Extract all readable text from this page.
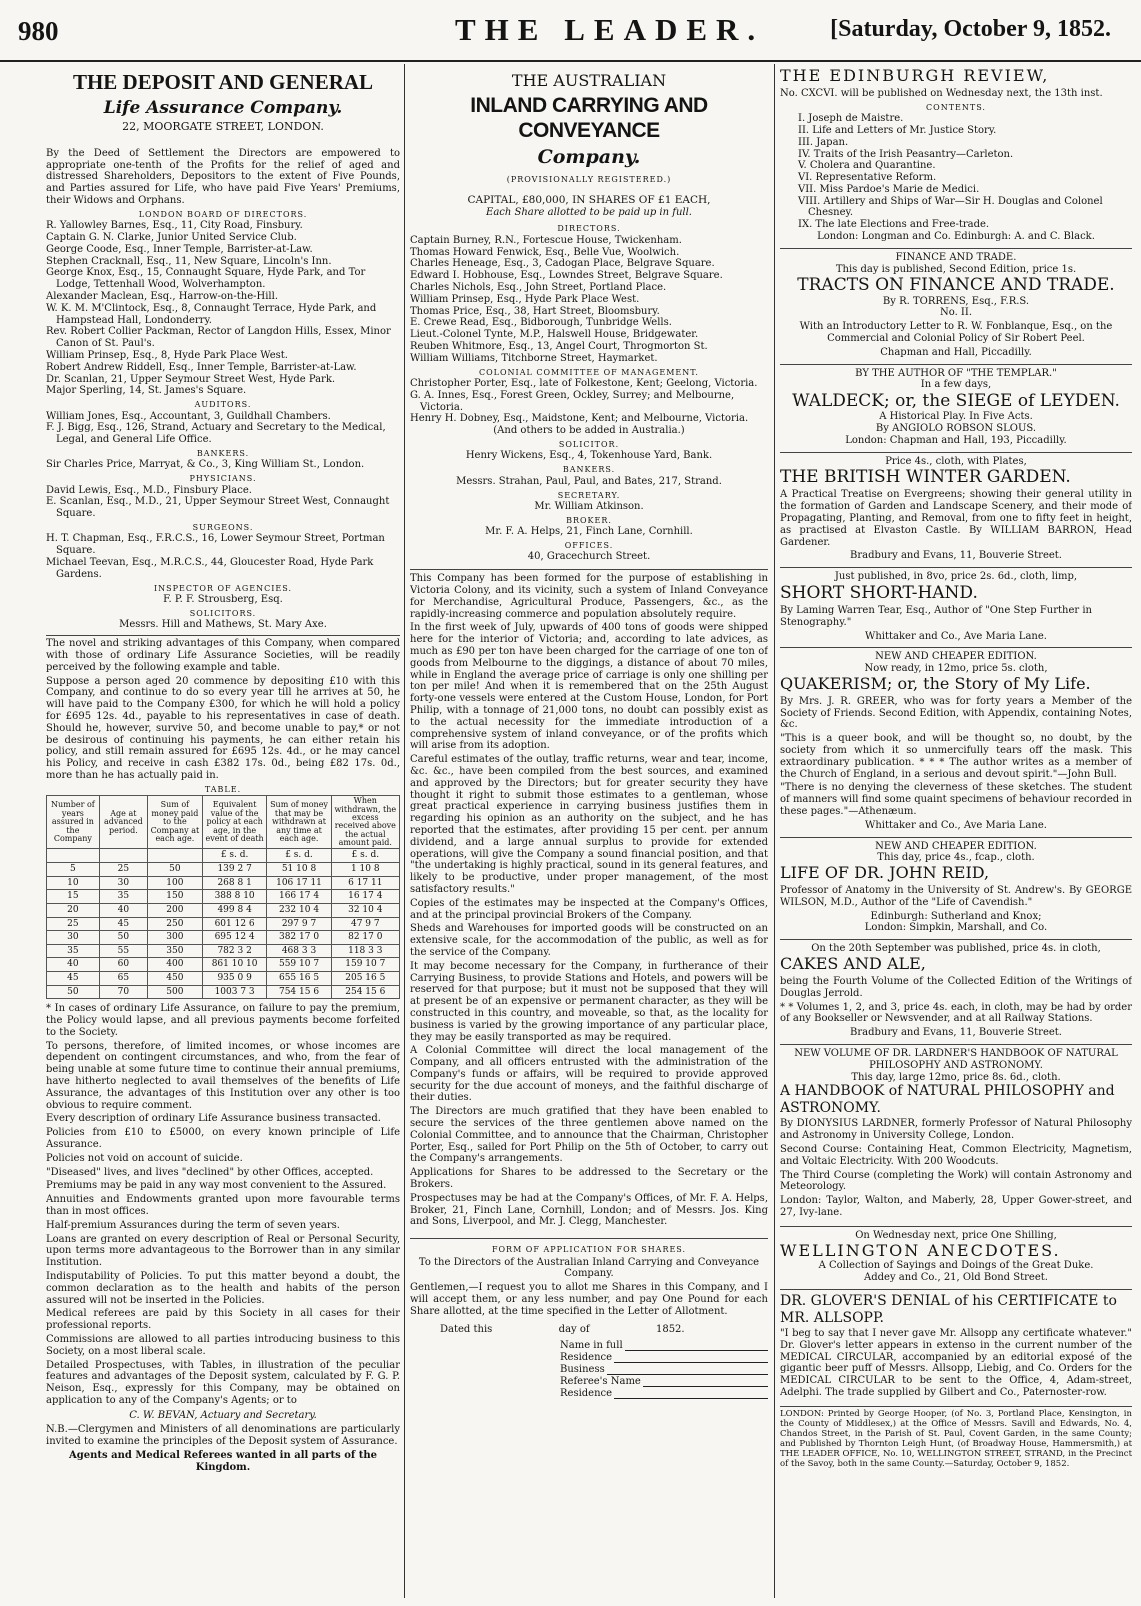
980	THE LEADER.	[Saturday, October 9, 1852.
THE DEPOSIT AND GENERAL
Life Assurance Company.
22, MOORGATE STREET, LONDON.

By the Deed of Settlement the Directors are empowered to appropriate one-tenth of the Profits for the relief of aged and distressed Shareholders, Depositors to the extent of Five Pounds, and Parties assured for Life, who have paid Five Years' Premiums, their Widows and Orphans.

LONDON BOARD OF DIRECTORS.

R. Yallowley Barnes, Esq., 11, City Road, Finsbury.

Captain G. N. Clarke, Junior United Service Club.

George Coode, Esq., Inner Temple, Barrister-at-Law.

Stephen Cracknall, Esq., 11, New Square, Lincoln's Inn.

George Knox, Esq., 15, Connaught Square, Hyde Park, and Tor Lodge, Tettenhall Wood, Wolverhampton.

Alexander Maclean, Esq., Harrow-on-the-Hill.

W. K. M. M'Clintock, Esq., 8, Connaught Terrace, Hyde Park, and Hampstead Hall, Londonderry.

Rev. Robert Collier Packman, Rector of Langdon Hills, Essex, Minor Canon of St. Paul's.

William Prinsep, Esq., 8, Hyde Park Place West.

Robert Andrew Riddell, Esq., Inner Temple, Barrister-at-Law.

Dr. Scanlan, 21, Upper Seymour Street West, Hyde Park.

Major Sperling, 14, St. James's Square.

AUDITORS.

William Jones, Esq., Accountant, 3, Guildhall Chambers.

F. J. Bigg, Esq., 126, Strand, Actuary and Secretary to the Medical, Legal, and General Life Office.

BANKERS.

Sir Charles Price, Marryat, & Co., 3, King William St., London.

PHYSICIANS.

David Lewis, Esq., M.D., Finsbury Place.

E. Scanlan, Esq., M.D., 21, Upper Seymour Street West, Connaught Square.

SURGEONS.

H. T. Chapman, Esq., F.R.C.S., 16, Lower Seymour Street, Portman Square.

Michael Teevan, Esq., M.R.C.S., 44, Gloucester Road, Hyde Park Gardens.

INSPECTOR OF AGENCIES.
F. P. F. Strousberg, Esq.
SOLICITORS.
Messrs. Hill and Mathews, St. Mary Axe.

The novel and striking advantages of this Company, when compared with those of ordinary Life Assurance Societies, will be readily perceived by the following example and table.

Suppose a person aged 20 commence by depositing £10 with this Company, and continue to do so every year till he arrives at 50, he will have paid to the Company £300, for which he will hold a policy for £695 12s. 4d., payable to his representatives in case of death. Should he, however, survive 50, and become unable to pay,* or not be desirous of continuing his payments, he can either retain his policy, and still remain assured for £695 12s. 4d., or he may cancel his Policy, and receive in cash £382 17s. 0d., being £82 17s. 0d., more than he has actually paid in.

TABLE.
Number of years assured in the Company	Age at advanced period.	Sum of money paid to the Company at each age.	Equivalent value of the policy at each age, in the event of death	Sum of money that may be withdrawn at any time at each age.	When withdrawn, the excess received above the actual amount paid.
			£ s. d.	£ s. d.	£ s. d.
5	25	50	139 2 7	51 10 8	1 10 8
10	30	100	268 8 1	106 17 11	6 17 11
15	35	150	388 8 10	166 17 4	16 17 4
20	40	200	499 8 4	232 10 4	32 10 4
25	45	250	601 12 6	297 9 7	47 9 7
30	50	300	695 12 4	382 17 0	82 17 0
35	55	350	782 3 2	468 3 3	118 3 3
40	60	400	861 10 10	559 10 7	159 10 7
45	65	450	935 0 9	655 16 5	205 16 5
50	70	500	1003 7 3	754 15 6	254 15 6

* In cases of ordinary Life Assurance, on failure to pay the premium, the Policy would lapse, and all previous payments become forfeited to the Society.

To persons, therefore, of limited incomes, or whose incomes are dependent on contingent circumstances, and who, from the fear of being unable at some future time to continue their annual premiums, have hitherto neglected to avail themselves of the benefits of Life Assurance, the advantages of this Institution over any other is too obvious to require comment.

Every description of ordinary Life Assurance business transacted.

Policies from £10 to £5000, on every known principle of Life Assurance.

Policies not void on account of suicide.

"Diseased" lives, and lives "declined" by other Offices, accepted.

Premiums may be paid in any way most convenient to the Assured.

Annuities and Endowments granted upon more favourable terms than in most offices.

Half-premium Assurances during the term of seven years.

Loans are granted on every description of Real or Personal Security, upon terms more advantageous to the Borrower than in any similar Institution.

Indisputability of Policies. To put this matter beyond a doubt, the common declaration as to the health and habits of the person assured will not be inserted in the Policies.

Medical referees are paid by this Society in all cases for their professional reports.

Commissions are allowed to all parties introducing business to this Society, on a most liberal scale.

Detailed Prospectuses, with Tables, in illustration of the peculiar features and advantages of the Deposit system, calculated by F. G. P. Neison, Esq., expressly for this Company, may be obtained on application to any of the Company's Agents; or to

C. W. BEVAN, Actuary and Secretary.

N.B.—Clergymen and Ministers of all denominations are particularly invited to examine the principles of the Deposit system of Assurance.

Agents and Medical Referees wanted in all parts of the Kingdom.
THE AUSTRALIAN
INLAND CARRYING AND CONVEYANCE
Company.
(PROVISIONALLY REGISTERED.)
CAPITAL, £80,000, IN SHARES OF £1 EACH,
Each Share allotted to be paid up in full.
DIRECTORS.

Captain Burney, R.N., Fortescue House, Twickenham.

Thomas Howard Fenwick, Esq., Belle Vue, Woolwich.

Charles Heneage, Esq., 3, Cadogan Place, Belgrave Square.

Edward I. Hobhouse, Esq., Lowndes Street, Belgrave Square.

Charles Nichols, Esq., John Street, Portland Place.

William Prinsep, Esq., Hyde Park Place West.

Thomas Price, Esq., 38, Hart Street, Bloomsbury.

E. Crewe Read, Esq., Bidborough, Tunbridge Wells.

Lieut.-Colonel Tynte, M.P., Halswell House, Bridgewater.

Reuben Whitmore, Esq., 13, Angel Court, Throgmorton St.

William Williams, Titchborne Street, Haymarket.

COLONIAL COMMITTEE OF MANAGEMENT.

Christopher Porter, Esq., late of Folkestone, Kent; Geelong, Victoria.

G. A. Innes, Esq., Forest Green, Ockley, Surrey; and Melbourne, Victoria.

Henry H. Dobney, Esq., Maidstone, Kent; and Melbourne, Victoria.

(And others to be added in Australia.)
SOLICITOR.
Henry Wickens, Esq., 4, Tokenhouse Yard, Bank.
BANKERS.
Messrs. Strahan, Paul, Paul, and Bates, 217, Strand.
SECRETARY.
Mr. William Atkinson.
BROKER.
Mr. F. A. Helps, 21, Finch Lane, Cornhill.
OFFICES.
40, Gracechurch Street.

This Company has been formed for the purpose of establishing in Victoria Colony, and its vicinity, such a system of Inland Conveyance for Merchandise, Agricultural Produce, Passengers, &c., as the rapidly-increasing commerce and population absolutely require.

In the first week of July, upwards of 400 tons of goods were shipped here for the interior of Victoria; and, according to late advices, as much as £90 per ton have been charged for the carriage of one ton of goods from Melbourne to the diggings, a distance of about 70 miles, while in England the average price of carriage is only one shilling per ton per mile! And when it is remembered that on the 25th August forty-one vessels were entered at the Custom House, London, for Port Philip, with a tonnage of 21,000 tons, no doubt can possibly exist as to the actual necessity for the immediate introduction of a comprehensive system of inland conveyance, or of the profits which will arise from its adoption.

Careful estimates of the outlay, traffic returns, wear and tear, income, &c. &c., have been compiled from the best sources, and examined and approved by the Directors; but for greater security they have thought it right to submit those estimates to a gentleman, whose great practical experience in carrying business justifies them in regarding his opinion as an authority on the subject, and he has reported that the estimates, after providing 15 per cent. per annum dividend, and a large annual surplus to provide for extended operations, will give the Company a sound financial position, and that "the undertaking is highly practical, sound in its general features, and likely to be productive, under proper management, of the most satisfactory results."

Copies of the estimates may be inspected at the Company's Offices, and at the principal provincial Brokers of the Company.

Sheds and Warehouses for imported goods will be constructed on an extensive scale, for the accommodation of the public, as well as for the service of the Company.

It may become necessary for the Company, in furtherance of their Carrying Business, to provide Stations and Hotels, and powers will be reserved for that purpose; but it must not be supposed that they will at present be of an expensive or permanent character, as they will be constructed in this country, and moveable, so that, as the locality for business is varied by the growing importance of any particular place, they may be easily transported as may be required.

A Colonial Committee will direct the local management of the Company, and all officers entrusted with the administration of the Company's funds or affairs, will be required to provide approved security for the due account of moneys, and the faithful discharge of their duties.

The Directors are much gratified that they have been enabled to secure the services of the three gentlemen above named on the Colonial Committee, and to announce that the Chairman, Christopher Porter, Esq., sailed for Port Philip on the 5th of October, to carry out the Company's arrangements.

Applications for Shares to be addressed to the Secretary or the Brokers.

Prospectuses may be had at the Company's Offices, of Mr. F. A. Helps, Broker, 21, Finch Lane, Cornhill, London; and of Messrs. Jos. King and Sons, Liverpool, and Mr. J. Clegg, Manchester.

FORM OF APPLICATION FOR SHARES.

To the Directors of the Australian Inland Carrying and Conveyance Company.

Gentlemen,—I request you to allot me Shares in this Company, and I will accept them, or any less number, and pay One Pound for each Share allotted, at the time specified in the Letter of Allotment.

Dated this	day of	1852.
Name in full
Residence
Business
Referee's Name
Residence
THE EDINBURGH REVIEW,

No. CXCVI. will be published on Wednesday next, the 13th inst.

CONTENTS.

I. Joseph de Maistre.

II. Life and Letters of Mr. Justice Story.

III. Japan.

IV. Traits of the Irish Peasantry—Carleton.

V. Cholera and Quarantine.

VI. Representative Reform.

VII. Miss Pardoe's Marie de Medici.

VIII. Artillery and Ships of War—Sir H. Douglas and Colonel Chesney.

IX. The late Elections and Free-trade.

London: Longman and Co. Edinburgh: A. and C. Black.
FINANCE AND TRADE.
This day is published, Second Edition, price 1s.
TRACTS ON FINANCE AND TRADE.
By R. TORRENS, Esq., F.R.S.
No. II.

With an Introductory Letter to R. W. Fonblanque, Esq., on the Commercial and Colonial Policy of Sir Robert Peel.

Chapman and Hall, Piccadilly.
BY THE AUTHOR OF "THE TEMPLAR."
In a few days,
WALDECK; or, the SIEGE of LEYDEN.
A Historical Play. In Five Acts.
By ANGIOLO ROBSON SLOUS.
London: Chapman and Hall, 193, Piccadilly.
Price 4s., cloth, with Plates,
THE BRITISH WINTER GARDEN.

A Practical Treatise on Evergreens; showing their general utility in the formation of Garden and Landscape Scenery, and their mode of Propagating, Planting, and Removal, from one to fifty feet in height, as practised at Elvaston Castle. By WILLIAM BARRON, Head Gardener.

Bradbury and Evans, 11, Bouverie Street.
Just published, in 8vo, price 2s. 6d., cloth, limp,
SHORT SHORT-HAND.

By Laming Warren Tear, Esq., Author of "One Step Further in Stenography."

Whittaker and Co., Ave Maria Lane.
NEW AND CHEAPER EDITION.
Now ready, in 12mo, price 5s. cloth,
QUAKERISM; or, the Story of My Life.

By Mrs. J. R. GREER, who was for forty years a Member of the Society of Friends. Second Edition, with Appendix, containing Notes, &c.

"This is a queer book, and will be thought so, no doubt, by the society from which it so unmercifully tears off the mask. This extraordinary publication. * * * The author writes as a member of the Church of England, in a serious and devout spirit."—John Bull.

"There is no denying the cleverness of these sketches. The student of manners will find some quaint specimens of behaviour recorded in these pages."—Athenæum.

Whittaker and Co., Ave Maria Lane.
NEW AND CHEAPER EDITION.
This day, price 4s., fcap., cloth.
LIFE OF DR. JOHN REID,

Professor of Anatomy in the University of St. Andrew's. By GEORGE WILSON, M.D., Author of the "Life of Cavendish."

Edinburgh: Sutherland and Knox;
London: Simpkin, Marshall, and Co.
On the 20th September was published, price 4s. in cloth,
CAKES AND ALE,

being the Fourth Volume of the Collected Edition of the Writings of Douglas Jerrold.

* * Volumes 1, 2, and 3, price 4s. each, in cloth, may be had by order of any Bookseller or Newsvender, and at all Railway Stations.

Bradbury and Evans, 11, Bouverie Street.
NEW VOLUME OF DR. LARDNER'S HANDBOOK OF NATURAL PHILOSOPHY AND ASTRONOMY.
This day, large 12mo, price 8s. 6d., cloth.
A HANDBOOK of NATURAL PHILOSOPHY and ASTRONOMY.

By DIONYSIUS LARDNER, formerly Professor of Natural Philosophy and Astronomy in University College, London.

Second Course: Containing Heat, Common Electricity, Magnetism, and Voltaic Electricity. With 200 Woodcuts.

The Third Course (completing the Work) will contain Astronomy and Meteorology.

London: Taylor, Walton, and Maberly, 28, Upper Gower-street, and 27, Ivy-lane.

On Wednesday next, price One Shilling,
WELLINGTON ANECDOTES.
A Collection of Sayings and Doings of the Great Duke.
Addey and Co., 21, Old Bond Street.
DR. GLOVER'S DENIAL of his CERTIFICATE to MR. ALLSOPP.

"I beg to say that I never gave Mr. Allsopp any certificate whatever." Dr. Glover's letter appears in extenso in the current number of the MEDICAL CIRCULAR, accompanied by an editorial exposé of the gigantic beer puff of Messrs. Allsopp, Liebig, and Co. Orders for the MEDICAL CIRCULAR to be sent to the Office, 4, Adam-street, Adelphi. The trade supplied by Gilbert and Co., Paternoster-row.

LONDON: Printed by George Hooper, (of No. 3, Portland Place, Kensington, in the County of Middlesex,) at the Office of Messrs. Savill and Edwards, No. 4, Chandos Street, in the Parish of St. Paul, Covent Garden, in the same County; and Published by Thornton Leigh Hunt, (of Broadway House, Hammersmith,) at THE LEADER OFFICE, No. 10, WELLINGTON STREET, STRAND, in the Precinct of the Savoy, both in the same County.—Saturday, October 9, 1852.
